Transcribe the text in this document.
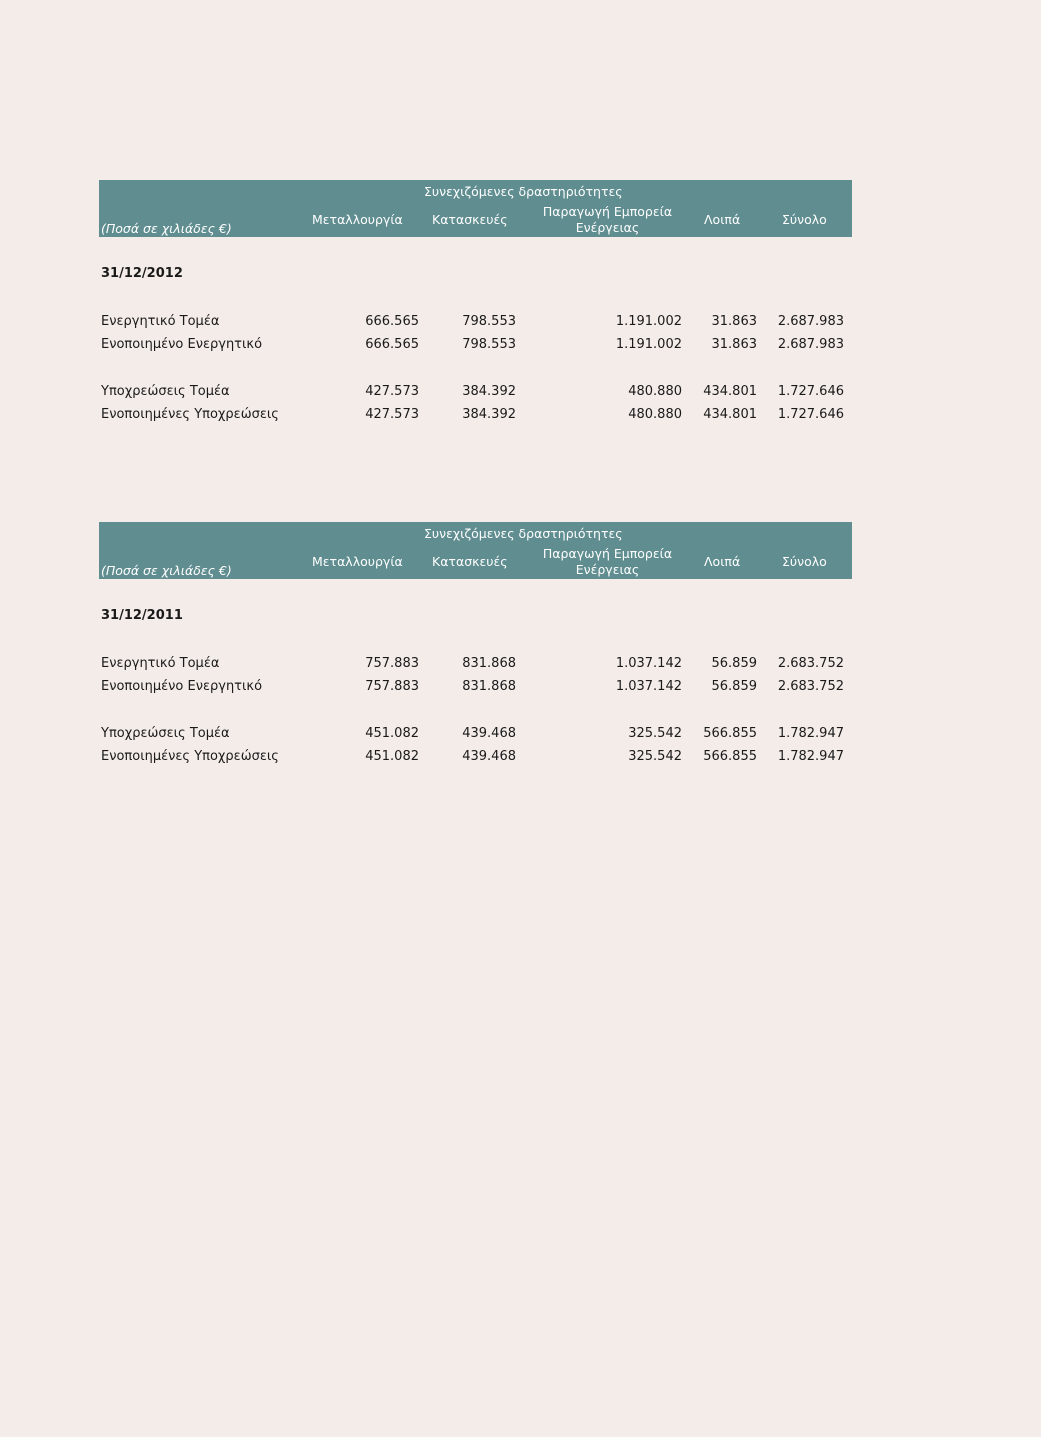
Συνεχιζόμενες δραστηριότητες
(Ποσά σε χιλιάδες €)
Μεταλλουργία Κατασκευές
Παραγωγή Εμπορεία Ενέργειας
Λοιπά	Σύνολο
31/12/2012
Ενεργητικό Τομέα	666.565	798.553	1.191.002 31.863 2.687.983
Ενοποιημένο Ενεργητικό	666.565	798.553	1.191.002 31.863 2.687.983
Υποχρεώσεις Τομέα	427.573	384.392	480.880 434.801 1.727.646
Ενοποιημένες Υποχρεώσεις	427.573	384.392	480.880 434.801 1.727.646
Συνεχιζόμενες δραστηριότητες
(Ποσά σε χιλιάδες €)
Μεταλλουργία Κατασκευές
Παραγωγή Εμπορεία Ενέργειας
Λοιπά	Σύνολο
31/12/2011
Ενεργητικό Τομέα	757.883	831.868	1.037.142 56.859 2.683.752
Ενοποιημένο Ενεργητικό	757.883	831.868	1.037.142 56.859 2.683.752
Υποχρεώσεις Τομέα	451.082	439.468	325.542 566.855 1.782.947
Ενοποιημένες Υποχρεώσεις	451.082	439.468	325.542 566.855 1.782.947
